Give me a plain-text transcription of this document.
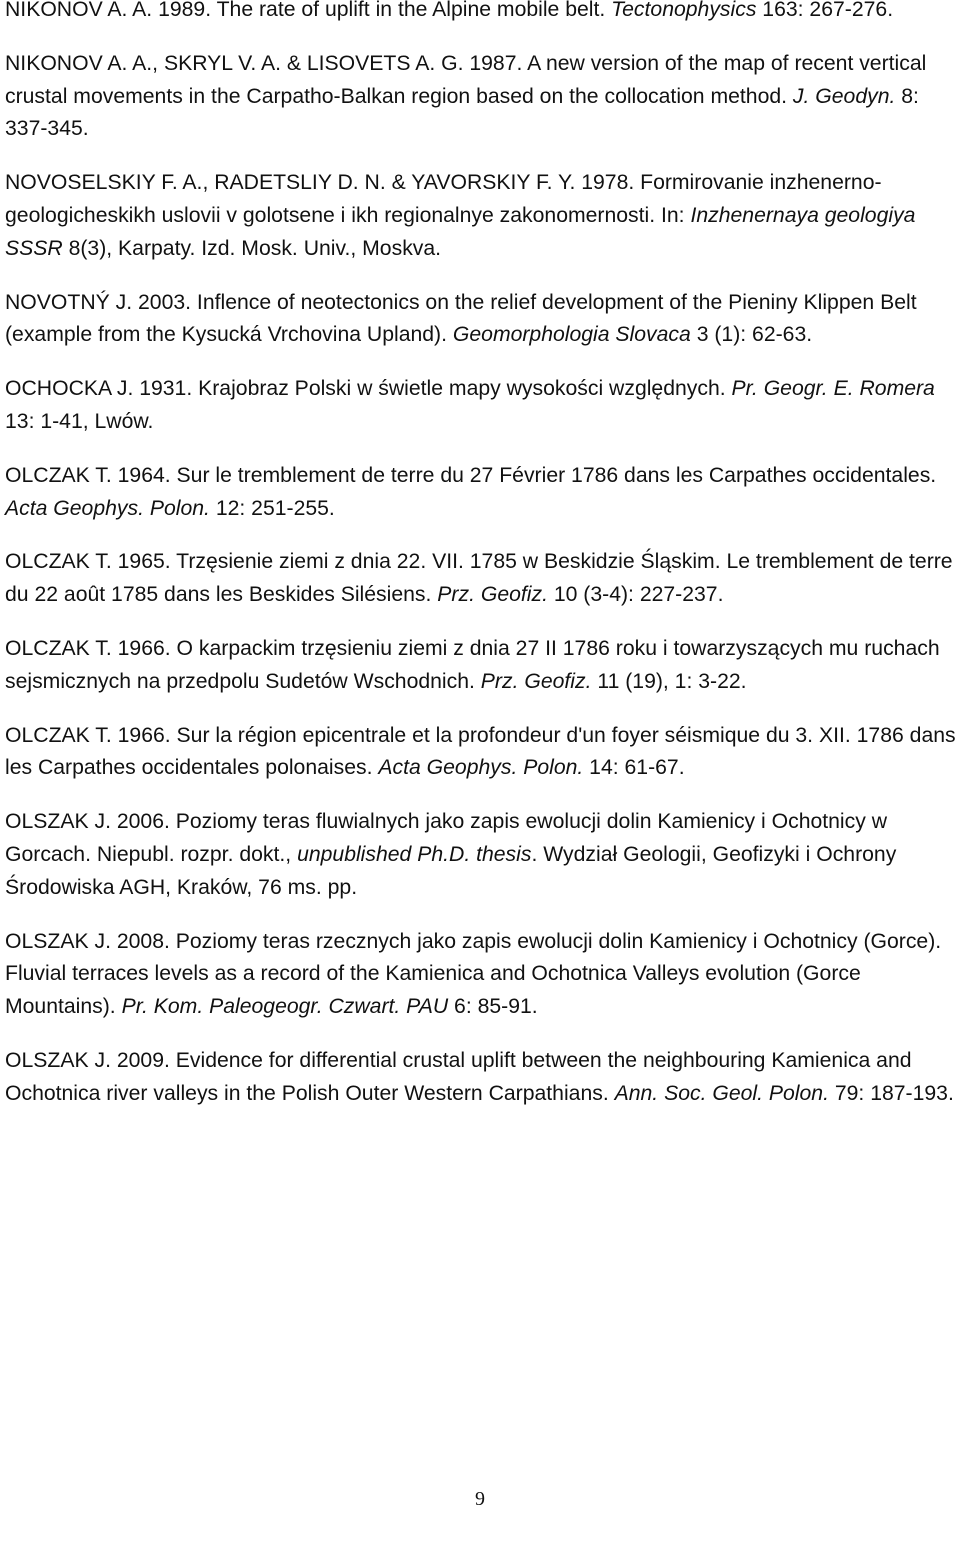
NIKONOV A. A. 1989. The rate of uplift in the Alpine mobile belt. Tectonophysics 163: 267-276.

NIKONOV A. A., SKRYL V. A. & LISOVETS A. G. 1987. A new version of the map of recent vertical crustal movements in the Carpatho-Balkan region based on the collocation method. J. Geodyn. 8: 337-345.

NOVOSELSKIY F. A., RADETSLIY D. N. & YAVORSKIY F. Y. 1978. Formirovanie inzhenerno-geologicheskikh uslovii v golotsene i ikh regionalnye zakonomernosti. In: Inzhenernaya geologiya SSSR 8(3), Karpaty. Izd. Mosk. Univ., Moskva.

NOVOTNÝ J. 2003. Inflence of neotectonics on the relief development of the Pieniny Klippen Belt (example from the Kysucká Vrchovina Upland). Geomorphologia Slovaca 3 (1): 62-63.

OCHOCKA J. 1931. Krajobraz Polski w świetle mapy wysokości względnych. Pr. Geogr. E. Romera 13: 1-41, Lwów.

OLCZAK T. 1964. Sur le tremblement de terre du 27 Février 1786 dans les Carpathes occidentales. Acta Geophys. Polon. 12: 251-255.

OLCZAK T. 1965. Trzęsienie ziemi z dnia 22. VII. 1785 w Beskidzie Śląskim. Le tremblement de terre du 22 août 1785 dans les Beskides Silésiens. Prz. Geofiz. 10 (3-4): 227-237.

OLCZAK T. 1966. O karpackim trzęsieniu ziemi z dnia 27 II 1786 roku i towarzyszących mu ruchach sejsmicznych na przedpolu Sudetów Wschodnich. Prz. Geofiz. 11 (19), 1: 3-22.

OLCZAK T. 1966. Sur la région epicentrale et la profondeur d'un foyer séismique du 3. XII. 1786 dans les Carpathes occidentales polonaises. Acta Geophys. Polon. 14: 61-67.

OLSZAK J. 2006. Poziomy teras fluwialnych jako zapis ewolucji dolin Kamienicy i Ochotnicy w Gorcach. Niepubl. rozpr. dokt., unpublished Ph.D. thesis. Wydział Geologii, Geofizyki i Ochrony Środowiska AGH, Kraków, 76 ms. pp.

OLSZAK J. 2008. Poziomy teras rzecznych jako zapis ewolucji dolin Kamienicy i Ochotnicy (Gorce). Fluvial terraces levels as a record of the Kamienica and Ochotnica Valleys evolution (Gorce Mountains). Pr. Kom. Paleogeogr. Czwart. PAU 6: 85-91.

OLSZAK J. 2009. Evidence for differential crustal uplift between the neighbouring Kamienica and Ochotnica river valleys in the Polish Outer Western Carpathians. Ann. Soc. Geol. Polon. 79: 187-193.

9
